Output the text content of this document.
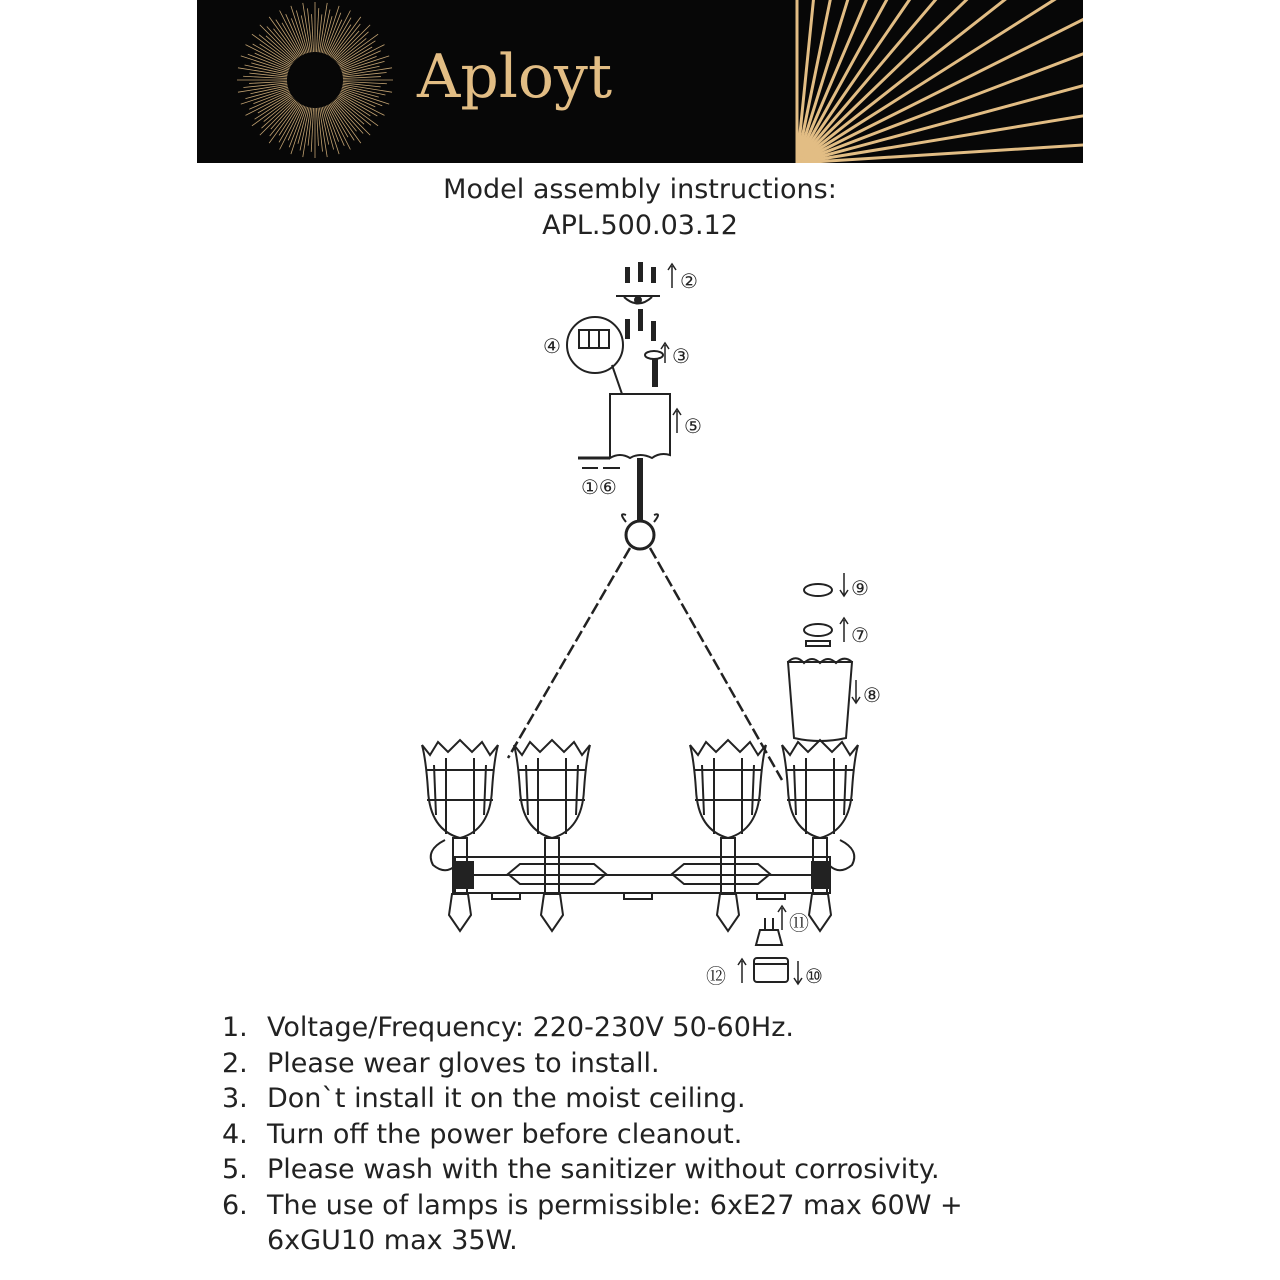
Aployt
Model assembly instructions:
APL.500.03.12
②
④	③
⑤
①⑥
⑨
⑦
⑧
⑪
⑫	⑩
1. Voltage/Frequency: 220-230V 50-60Hz.
2. Please wear gloves to install.
3. Don`t install it on the moist ceiling.
4. Turn off the power before cleanout.
5. Please wash with the sanitizer without corrosivity.
6. The use of lamps is permissible: 6xE27 max 60W + 6xGU10 max 35W.
